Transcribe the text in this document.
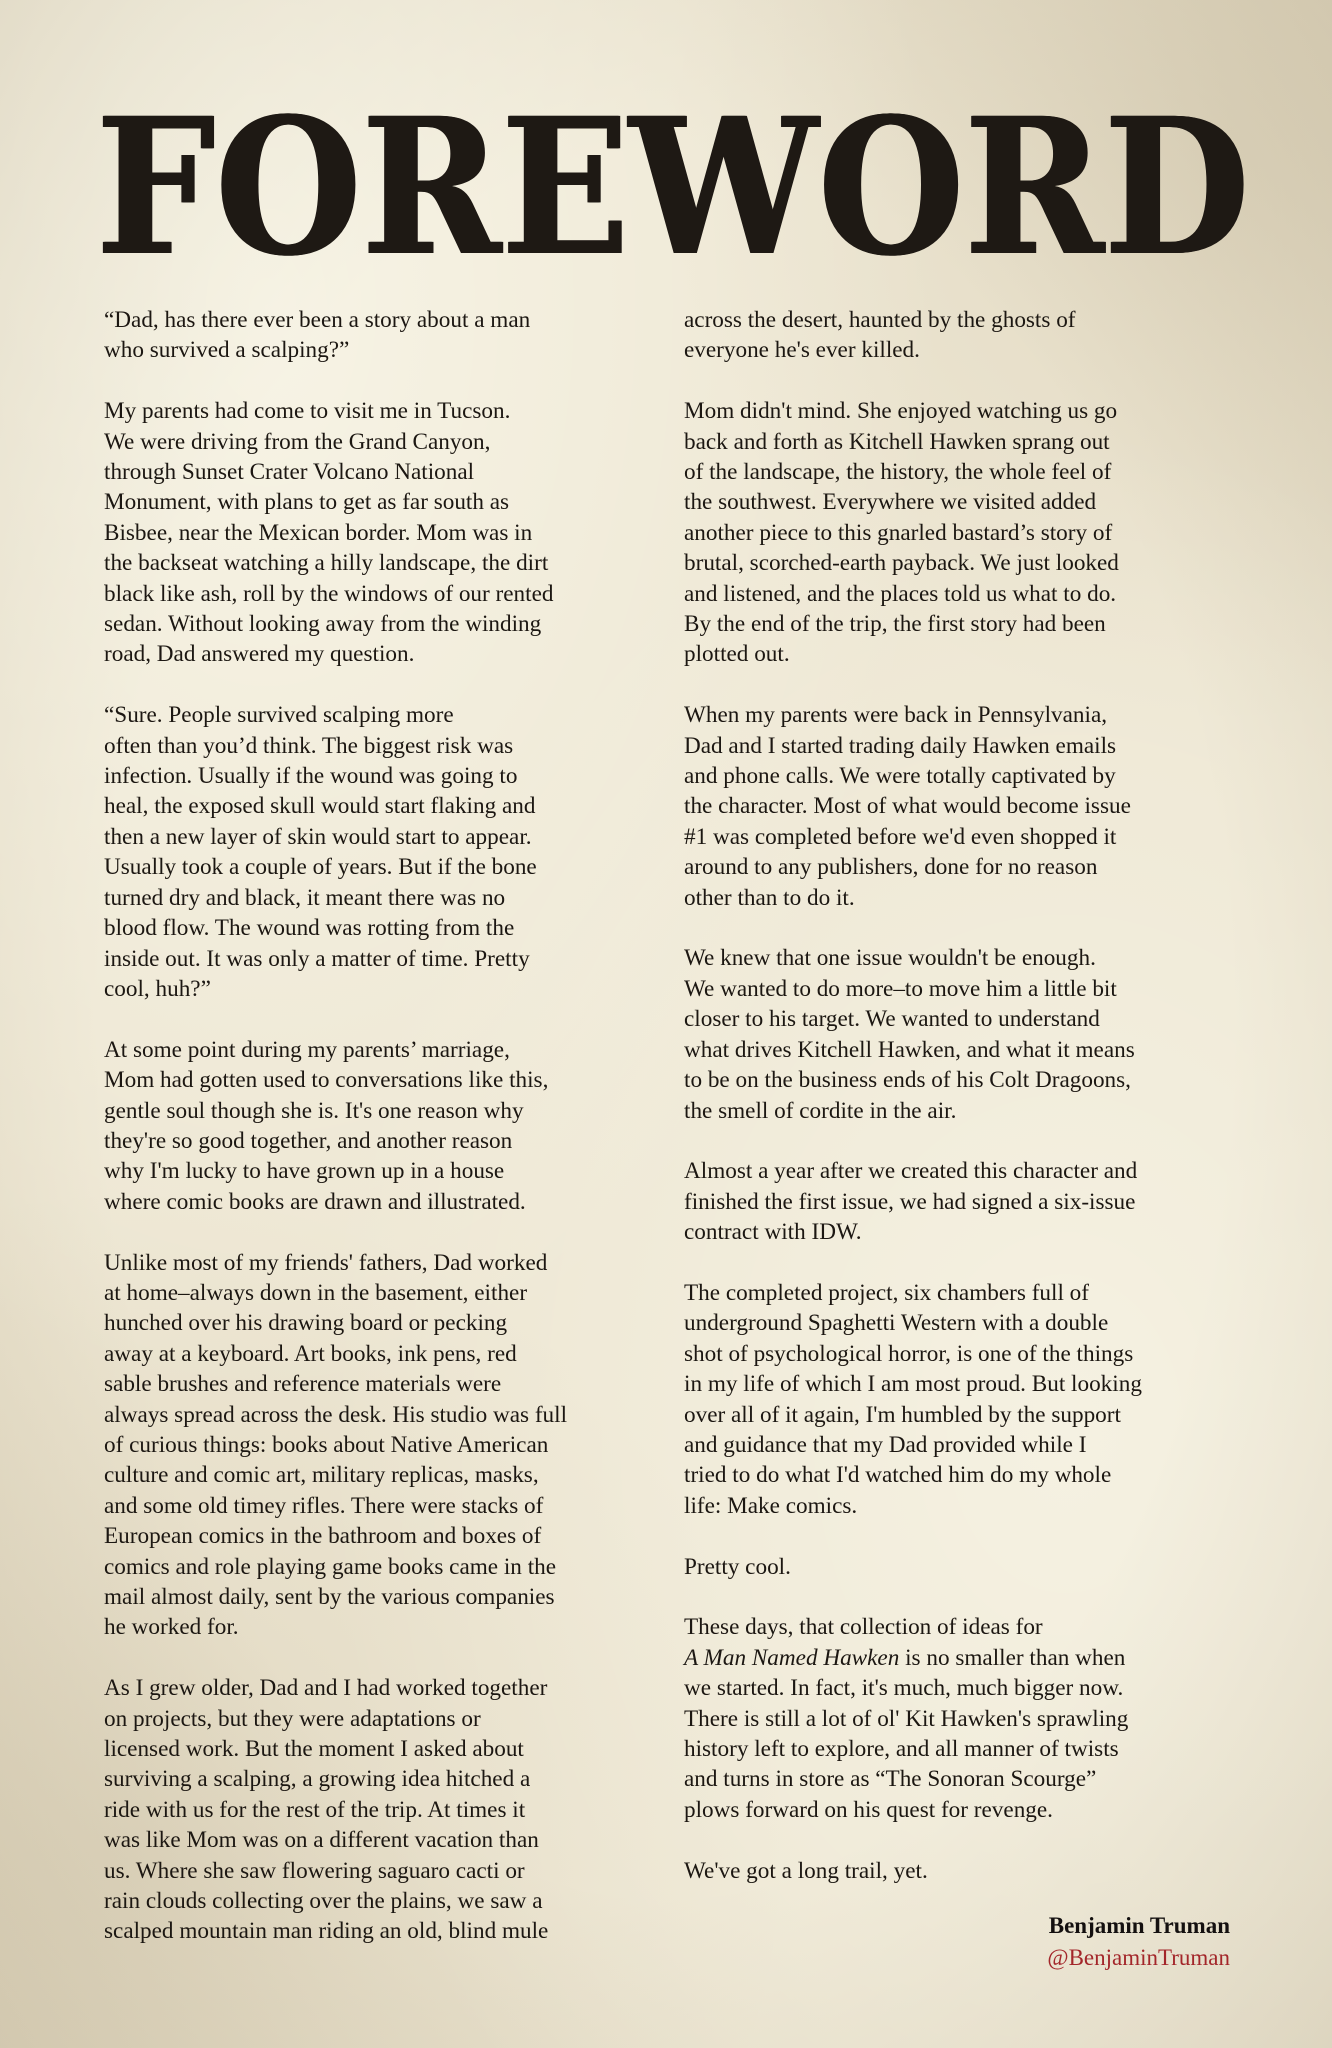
F O R E W O R D

“Dad, has there ever been a story about a man
who survived a scalping?”

My parents had come to visit me in Tucson.
We were driving from the Grand Canyon,
through Sunset Crater Volcano National
Monument, with plans to get as far south as
Bisbee, near the Mexican border. Mom was in
the backseat watching a hilly landscape, the dirt
black like ash, roll by the windows of our rented
sedan. Without looking away from the winding
road, Dad answered my question.

“Sure. People survived scalping more
often than you’d think. The biggest risk was
infection. Usually if the wound was going to
heal, the exposed skull would start flaking and
then a new layer of skin would start to appear.
Usually took a couple of years. But if the bone
turned dry and black, it meant there was no
blood flow. The wound was rotting from the
inside out. It was only a matter of time. Pretty
cool, huh?”

At some point during my parents’ marriage,
Mom had gotten used to conversations like this,
gentle soul though she is. It's one reason why
they're so good together, and another reason
why I'm lucky to have grown up in a house
where comic books are drawn and illustrated.

Unlike most of my friends' fathers, Dad worked
at home–always down in the basement, either
hunched over his drawing board or pecking
away at a keyboard. Art books, ink pens, red
sable brushes and reference materials were
always spread across the desk. His studio was full
of curious things: books about Native American
culture and comic art, military replicas, masks,
and some old timey rifles. There were stacks of
European comics in the bathroom and boxes of
comics and role playing game books came in the
mail almost daily, sent by the various companies
he worked for.

As I grew older, Dad and I had worked together
on projects, but they were adaptations or
licensed work. But the moment I asked about
surviving a scalping, a growing idea hitched a
ride with us for the rest of the trip. At times it
was like Mom was on a different vacation than
us. Where she saw flowering saguaro cacti or
rain clouds collecting over the plains, we saw a
scalped mountain man riding an old, blind mule

across the desert, haunted by the ghosts of
everyone he's ever killed.

Mom didn't mind. She enjoyed watching us go
back and forth as Kitchell Hawken sprang out
of the landscape, the history, the whole feel of
the southwest. Everywhere we visited added
another piece to this gnarled bastard’s story of
brutal, scorched-earth payback. We just looked
and listened, and the places told us what to do.
By the end of the trip, the first story had been
plotted out.

When my parents were back in Pennsylvania,
Dad and I started trading daily Hawken emails
and phone calls. We were totally captivated by
the character. Most of what would become issue
#1 was completed before we'd even shopped it
around to any publishers, done for no reason
other than to do it.

We knew that one issue wouldn't be enough.
We wanted to do more–to move him a little bit
closer to his target. We wanted to understand
what drives Kitchell Hawken, and what it means
to be on the business ends of his Colt Dragoons,
the smell of cordite in the air.

Almost a year after we created this character and
finished the first issue, we had signed a six-issue
contract with IDW.

The completed project, six chambers full of
underground Spaghetti Western with a double
shot of psychological horror, is one of the things
in my life of which I am most proud. But looking
over all of it again, I'm humbled by the support
and guidance that my Dad provided while I
tried to do what I'd watched him do my whole
life: Make comics.

Pretty cool.

These days, that collection of ideas for
A Man Named Hawken is no smaller than when
we started. In fact, it's much, much bigger now.
There is still a lot of ol' Kit Hawken's sprawling
history left to explore, and all manner of twists
and turns in store as “The Sonoran Scourge”
plows forward on his quest for revenge.

We've got a long trail, yet.

Benjamin Truman
@BenjaminTruman
